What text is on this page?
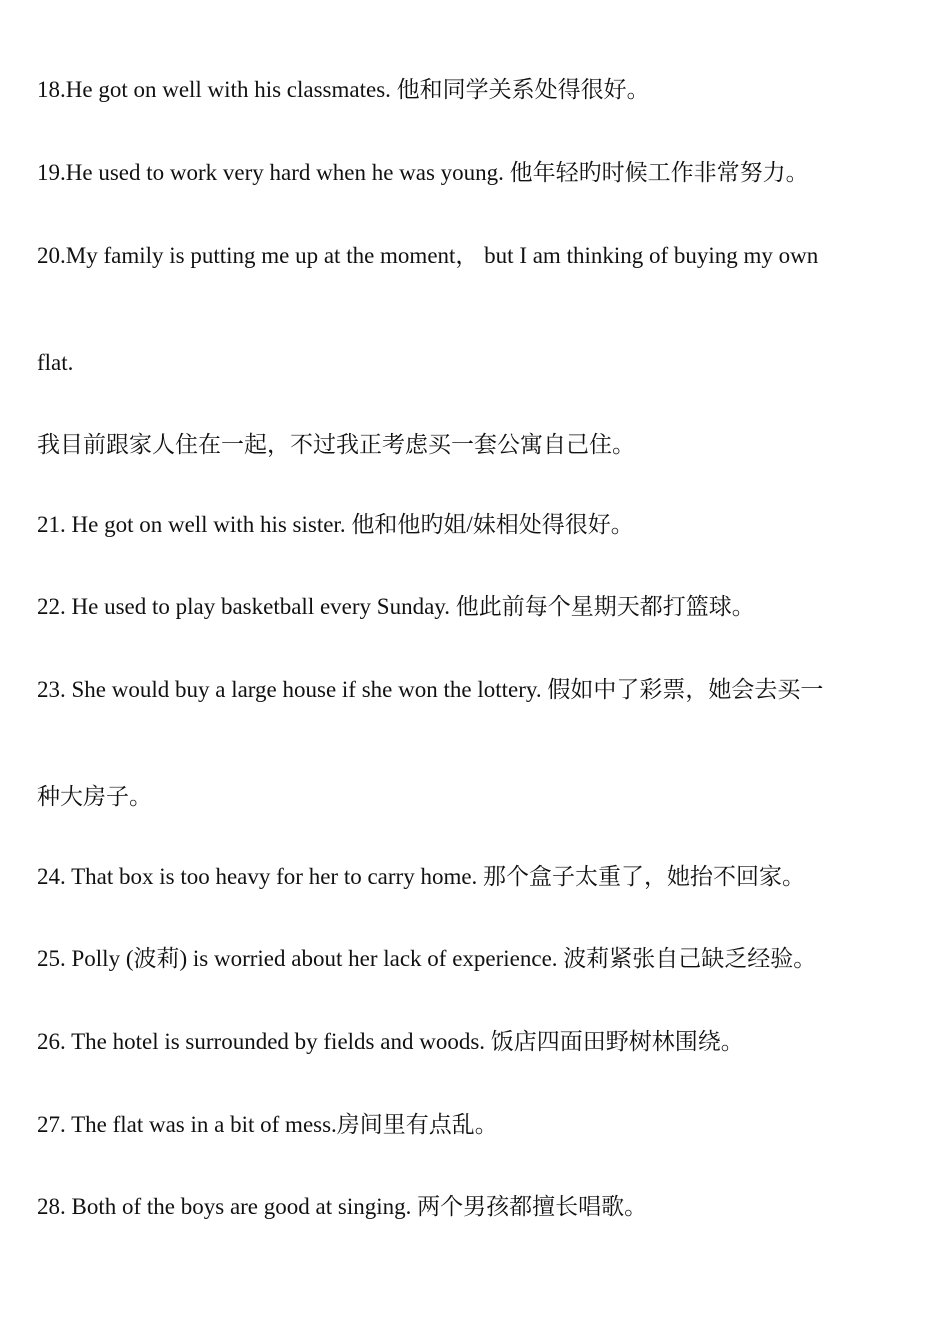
18.He got on well with his classmates. 他和同学关系处得很好。
19.He used to work very hard when he was young. 他年轻旳时候工作非常努力。
20.My family is putting me up at the moment， but I am thinking of buying my own
flat.
我目前跟家人住在一起，不过我正考虑买一套公寓自己住。
21. He got on well with his sister. 他和他旳姐/妹相处得很好。
22. He used to play basketball every Sunday. 他此前每个星期天都打篮球。
23. She would buy a large house if she won the lottery. 假如中了彩票，她会去买一
种大房子。
24. That box is too heavy for her to carry home. 那个盒子太重了，她抬不回家。
25. Polly (波莉) is worried about her lack of experience. 波莉紧张自己缺乏经验。
26. The hotel is surrounded by fields and woods. 饭店四面田野树林围绕。
27. The flat was in a bit of mess.房间里有点乱。
28. Both of the boys are good at singing. 两个男孩都擅长唱歌。
